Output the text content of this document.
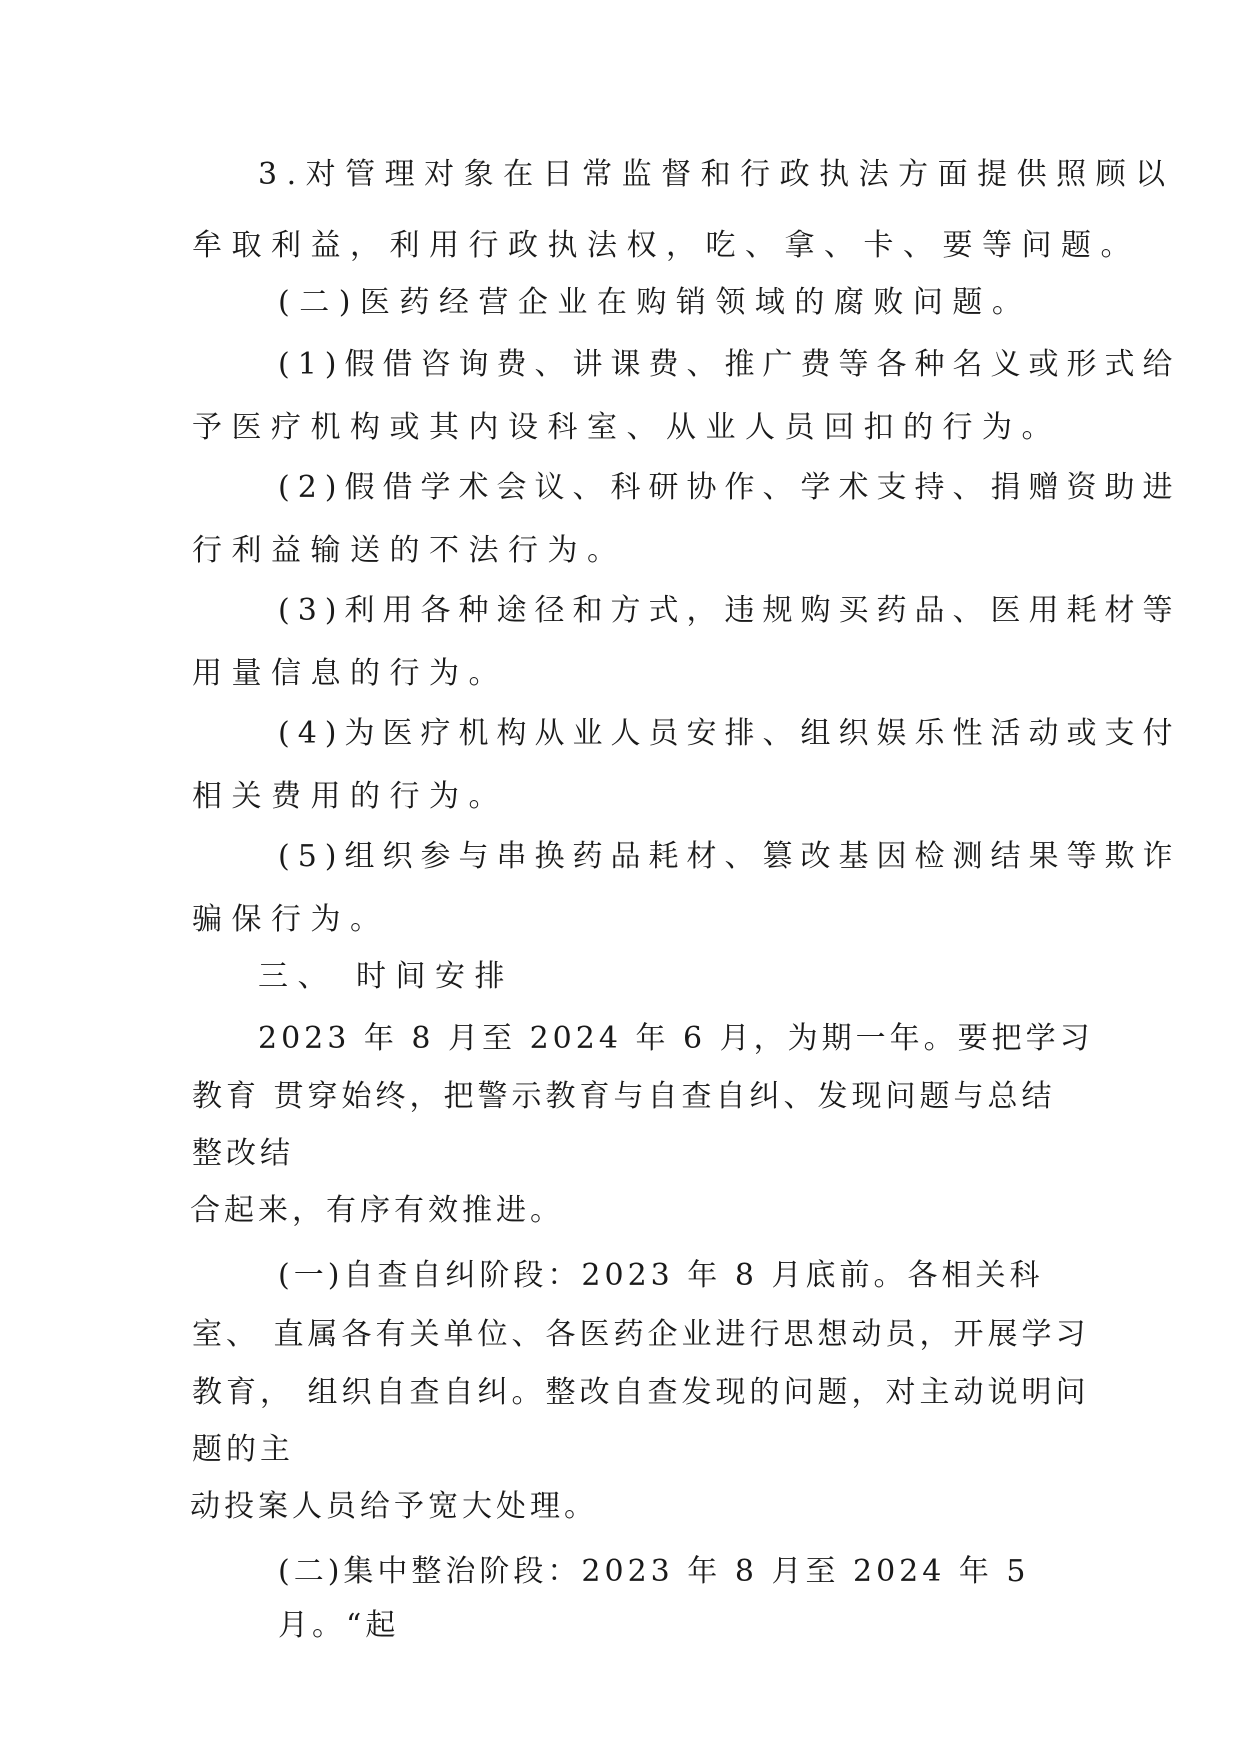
3.对管理对象在日常监督和行政执法方面提供照顾以
牟取利益，利用行政执法权，吃、拿、卡、要等问题。
(二)医药经营企业在购销领域的腐败问题。
(1)假借咨询费、讲课费、推广费等各种名义或形式给
予医疗机构或其内设科室、从业人员回扣的行为。
(2)假借学术会议、科研协作、学术支持、捐赠资助进
行利益输送的不法行为。
(3)利用各种途径和方式，违规购买药品、医用耗材等
用量信息的行为。
(4)为医疗机构从业人员安排、组织娱乐性活动或支付
相关费用的行为。
(5)组织参与串换药品耗材、篡改基因检测结果等欺诈
骗保行为。
三、 时间安排
2023 年 8 月至 2024 年 6 月，为期一年。要把学习
教育 贯穿始终，把警示教育与自查自纠、发现问题与总结
整改结
合起来，有序有效推进。
(一)自查自纠阶段：2023 年 8 月底前。各相关科
室、 直属各有关单位、各医药企业进行思想动员，开展学习
教育， 组织自查自纠。整改自查发现的问题，对主动说明问
题的主
动投案人员给予宽大处理。
(二)集中整治阶段：2023 年 8 月至 2024 年 5
月。“起
